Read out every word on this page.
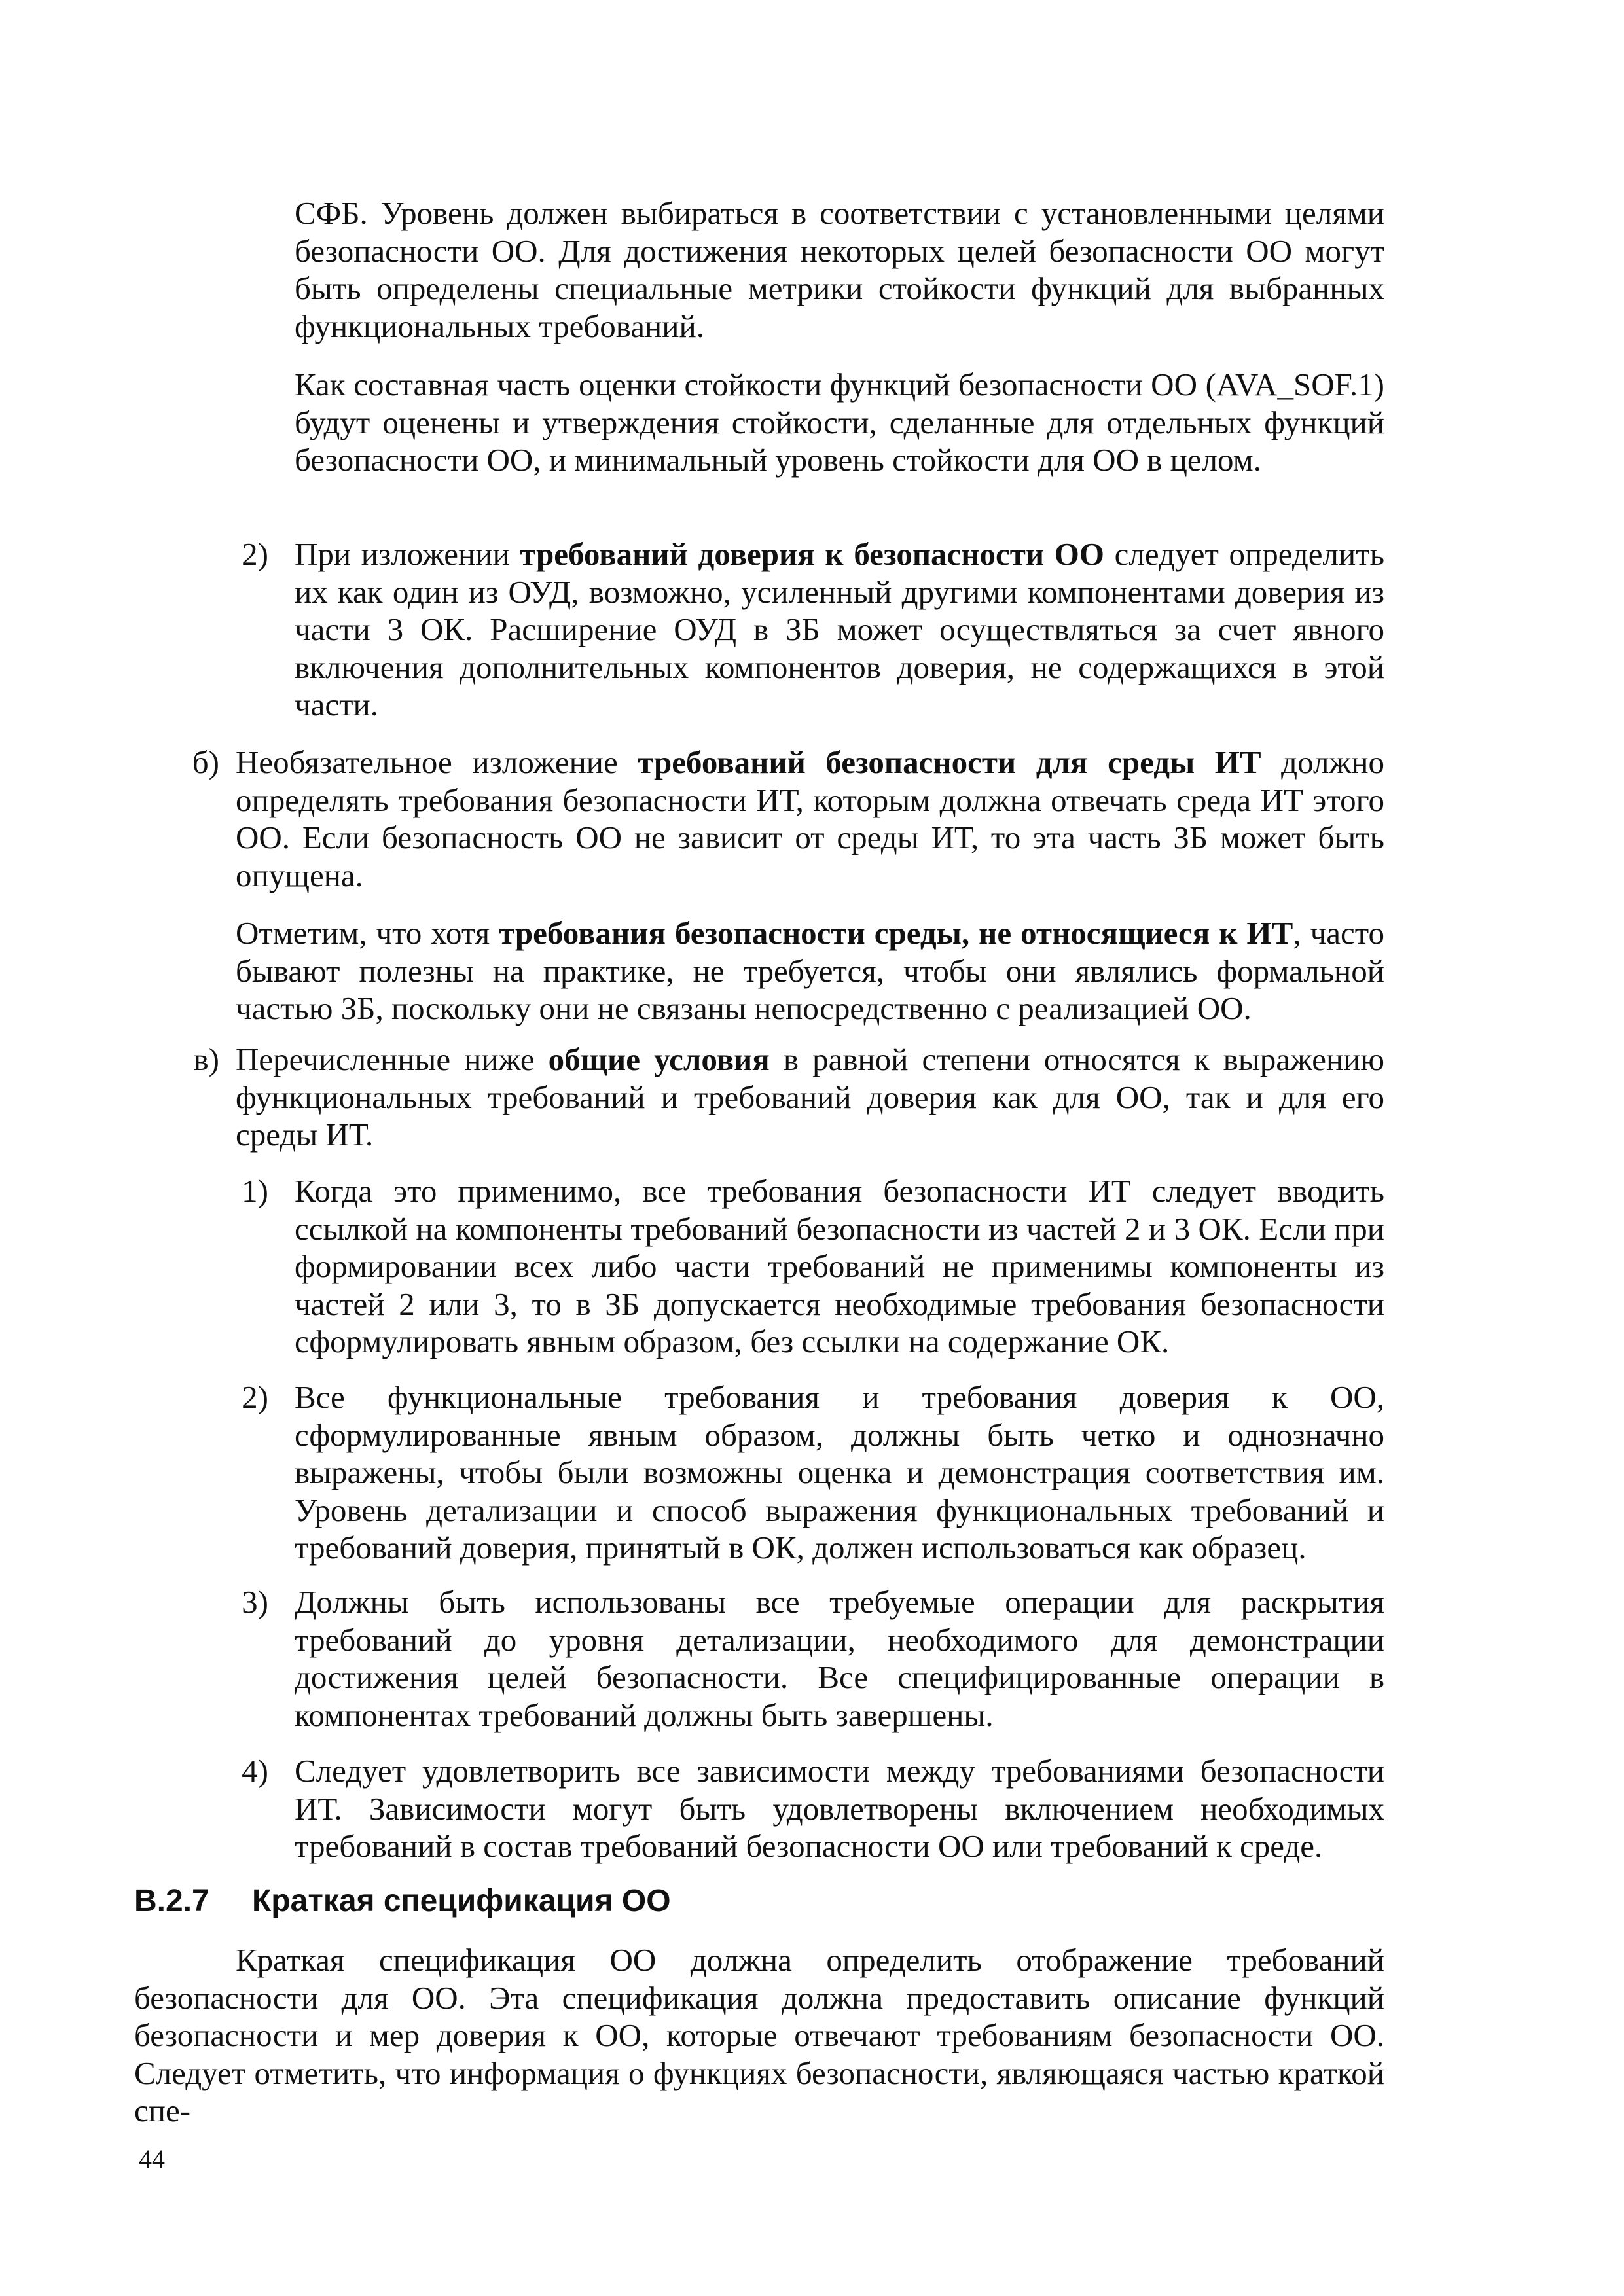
СФБ. Уровень должен выбираться в соответствии с установленными целями безопасности ОО. Для достижения некоторых целей безопасности ОО могут быть определены специальные метрики стойкости функций для выбранных функциональных требований.

Как составная часть оценки стойкости функций безопасности ОО (AVA_SOF.1) будут оценены и утверждения стойкости, сделанные для отдельных функций безопасности ОО, и минимальный уровень стойкости для ОО в целом.

2) При изложении требований доверия к безопасности ОО следует определить их как один из ОУД, возможно, усиленный другими компонентами доверия из части 3 ОК. Расширение ОУД в ЗБ может осуществляться за счет явного включения дополнительных компонентов доверия, не содержащихся в этой части.

б) Необязательное изложение требований безопасности для среды ИТ должно определять требования безопасности ИТ, которым должна отвечать среда ИТ этого ОО. Если безопасность ОО не зависит от среды ИТ, то эта часть ЗБ может быть опущена.

Отметим, что хотя требования безопасности среды, не относящиеся к ИТ, часто бывают полезны на практике, не требуется, чтобы они являлись формальной частью ЗБ, поскольку они не связаны непосредственно с реализацией ОО.

в) Перечисленные ниже общие условия в равной степени относятся к выражению функциональных требований и требований доверия как для ОО, так и для его среды ИТ.

1) Когда это применимо, все требования безопасности ИТ следует вводить ссылкой на компоненты требований безопасности из частей 2 и 3 ОК. Если при формировании всех либо части требований не применимы компоненты из частей 2 или 3, то в ЗБ допускается необходимые требования безопасности сформулировать явным образом, без ссылки на содержание ОК.

2) Все функциональные требования и требования доверия к ОО, сформулированные явным образом, должны быть четко и однозначно выражены, чтобы были возможны оценка и демонстрация соответствия им. Уровень детализации и способ выражения функциональных требований и требований доверия, принятый в ОК, должен использоваться как образец.

3) Должны быть использованы все требуемые операции для раскрытия требований до уровня детализации, необходимого для демонстрации достижения целей безопасности. Все специфицированные операции в компонентах требований должны быть завершены.

4) Следует удовлетворить все зависимости между требованиями безопасности ИТ. Зависимости могут быть удовлетворены включением необходимых требований в состав требований безопасности ОО или требований к среде.

B.2.7 Краткая спецификация ОО

Краткая спецификация ОО должна определить отображение требований безопасности для ОО. Эта спецификация должна предоставить описание функций безопасности и мер доверия к ОО, которые отвечают требованиям безопасности ОО. Следует отметить, что информация о функциях безопасности, являющаяся частью краткой спе-

44
